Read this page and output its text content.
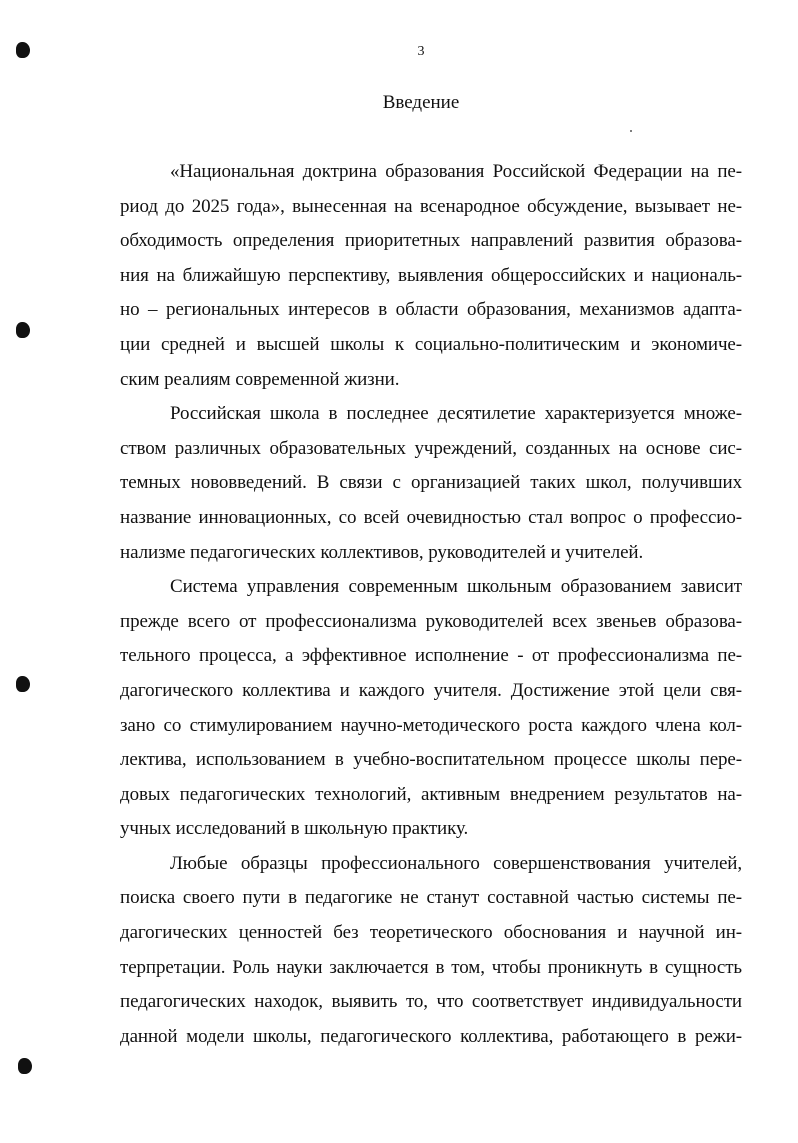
3
Введение
«Национальная доктрина образования Российской Федерации на пе-
риод до 2025 года», вынесенная на всенародное обсуждение, вызывает не-
обходимость определения приоритетных направлений развития образова-
ния на ближайшую перспективу, выявления общероссийских и националь-
но – региональных интересов в области образования, механизмов адапта-
ции средней и высшей школы к социально-политическим и экономиче-
ским реалиям современной жизни.
Российская школа в последнее десятилетие характеризуется множе-
ством различных образовательных учреждений, созданных на основе сис-
темных нововведений. В связи с организацией таких школ, получивших
название инновационных, со всей очевидностью стал вопрос о профессио-
нализме педагогических коллективов, руководителей и учителей.
Система управления современным школьным образованием зависит
прежде всего от профессионализма руководителей всех звеньев образова-
тельного процесса, а эффективное исполнение - от профессионализма пе-
дагогического коллектива и каждого учителя. Достижение этой цели свя-
зано со стимулированием научно-методического роста каждого члена кол-
лектива, использованием в учебно-воспитательном процессе школы пере-
довых педагогических технологий, активным внедрением результатов на-
учных исследований в школьную практику.
Любые образцы профессионального совершенствования учителей,
поиска своего пути в педагогике не станут составной частью системы пе-
дагогических ценностей без теоретического обоснования и научной ин-
терпретации. Роль науки заключается в том, чтобы проникнуть в сущность
педагогических находок, выявить то, что соответствует индивидуальности
данной модели школы, педагогического коллектива, работающего в режи-
